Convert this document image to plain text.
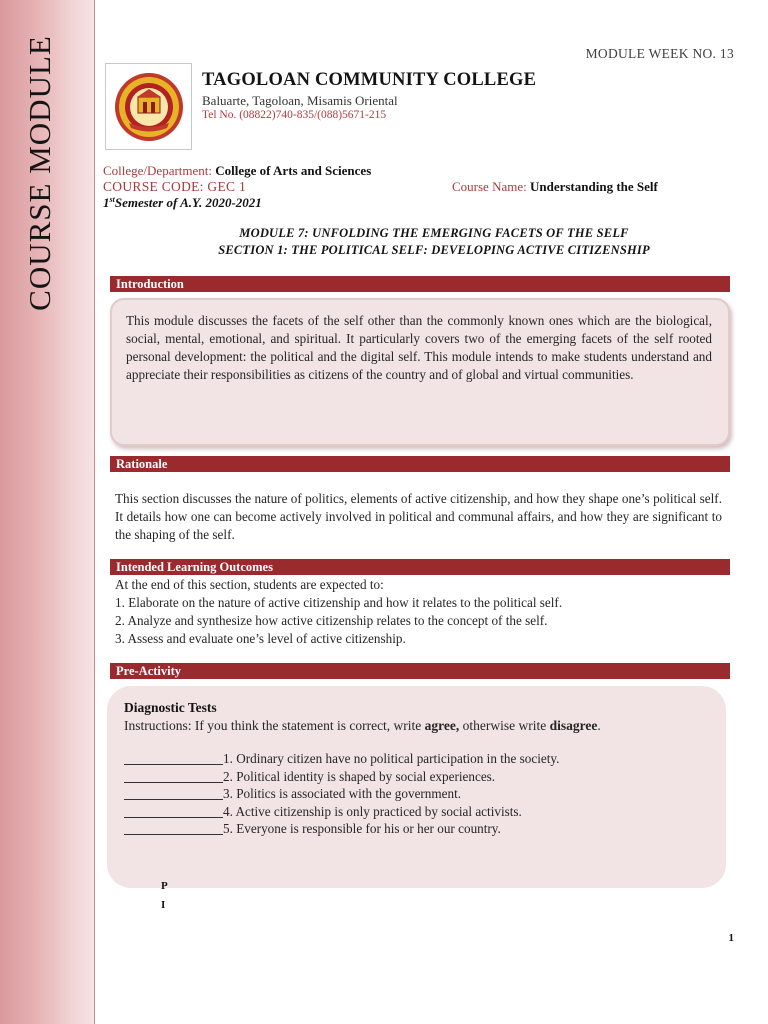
COURSE MODULE	MODULE WEEK NO. 13
TAGOLOAN COMMUNITY COLLEGE
Baluarte, Tagoloan, Misamis Oriental
Tel No. (08822)740-835/(088)5671-215
College/Department: College of Arts and Sciences
COURSE CODE: GEC 1	Course Name: Understanding the Self
1stSemester of A.Y. 2020-2021
MODULE 7: UNFOLDING THE EMERGING FACETS OF THE SELF
SECTION 1: THE POLITICAL SELF: DEVELOPING ACTIVE CITIZENSHIP
Introduction

This module discusses the facets of the self other than the commonly known ones which are the biological, social, mental, emotional, and spiritual. It particularly covers two of the emerging facets of the self rooted personal development: the political and the digital self. This module intends to make students understand and appreciate their responsibilities as citizens of the country and of global and virtual communities.

Rationale

This section discusses the nature of politics, elements of active citizenship, and how they shape one’s political self. It details how one can become actively involved in political and communal affairs, and how they are significant to the shaping of the self.

Intended Learning Outcomes
At the end of this section, students are expected to:
1. Elaborate on the nature of active citizenship and how it relates to the political self.
2. Analyze and synthesize how active citizenship relates to the concept of the self.
3. Assess and evaluate one’s level of active citizenship.
Pre-Activity
Diagnostic Tests
Instructions: If you think the statement is correct, write agree, otherwise write disagree.
1. Ordinary citizen have no political participation in the society.
2. Political identity is shaped by social experiences.
3. Politics is associated with the government.
4. Active citizenship is only practiced by social activists.
5. Everyone is responsible for his or her our country.
P
I
1
